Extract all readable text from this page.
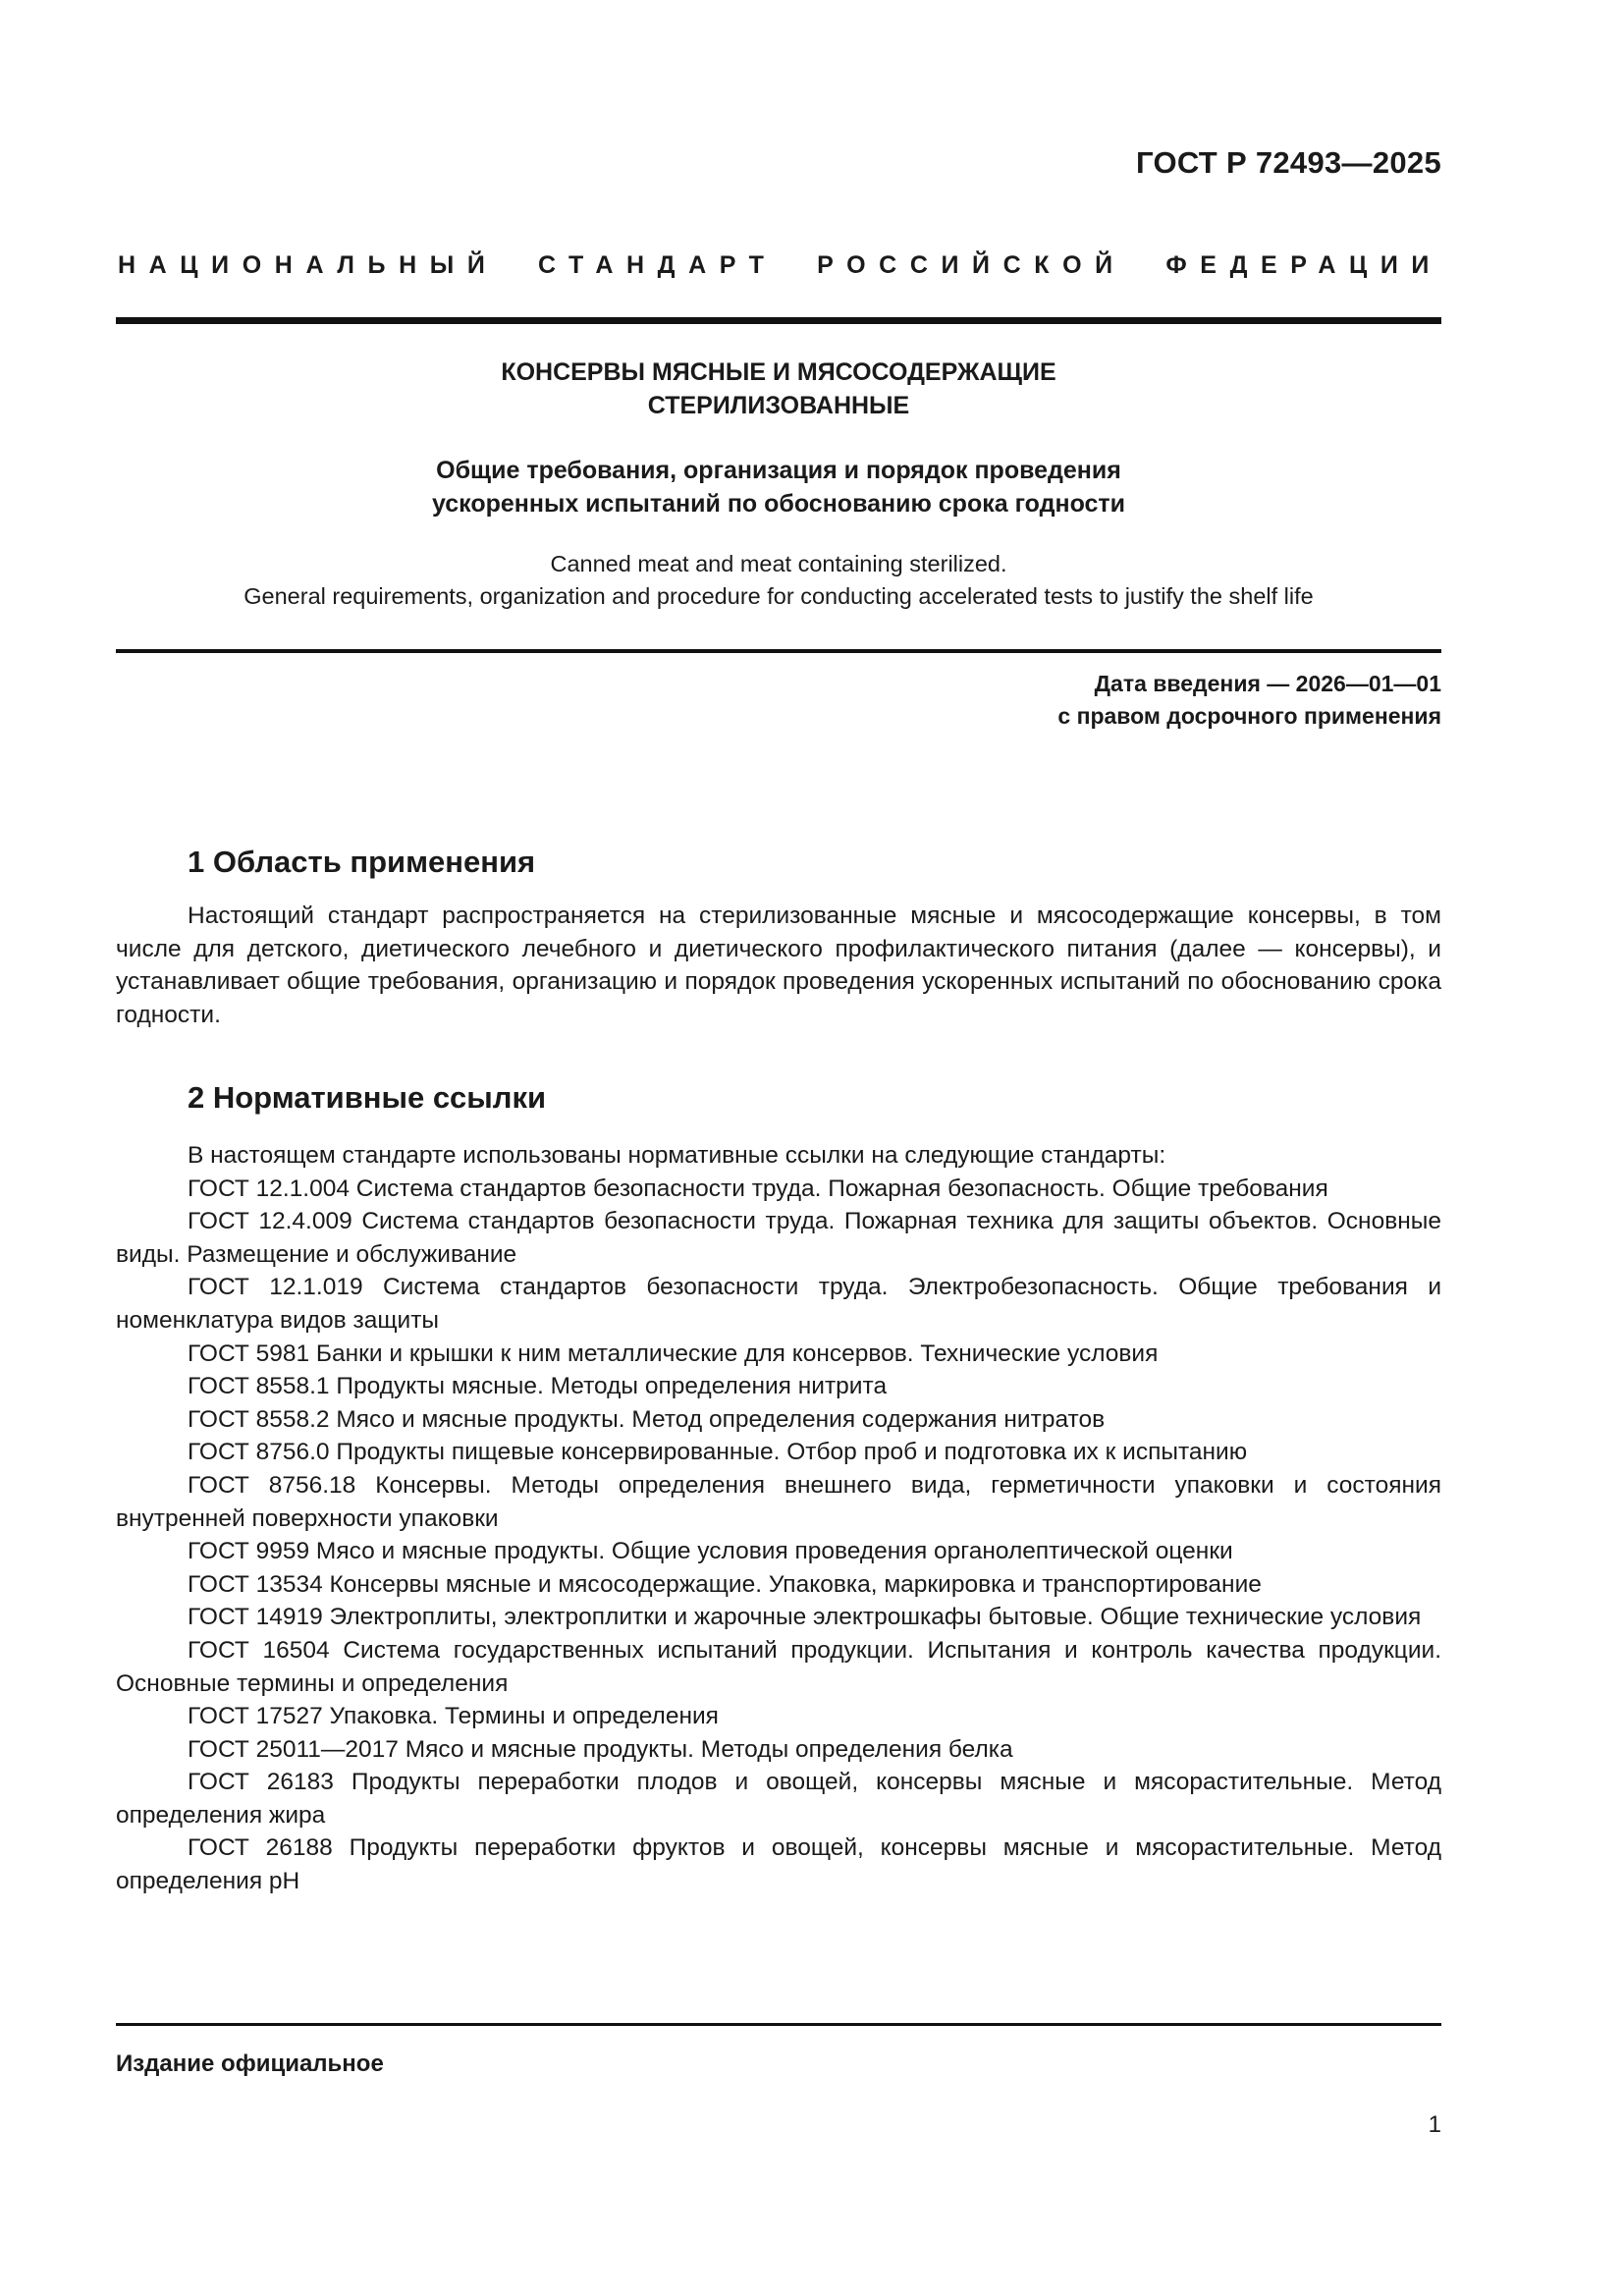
ГОСТ Р 72493—2025
НАЦИОНАЛЬНЫЙ СТАНДАРТ РОССИЙСКОЙ ФЕДЕРАЦИИ
КОНСЕРВЫ МЯСНЫЕ И МЯСОСОДЕРЖАЩИЕ
СТЕРИЛИЗОВАННЫЕ
Общие требования, организация и порядок проведения
ускоренных испытаний по обоснованию срока годности
Canned meat and meat containing sterilized.
General requirements, organization and procedure for conducting accelerated tests to justify the shelf life
Дата введения — 2026—01—01
с правом досрочного применения
1 Область применения

Настоящий стандарт распространяется на стерилизованные мясные и мясосодержащие консервы, в том числе для детского, диетического лечебного и диетического профилактического питания (далее — консервы), и устанавливает общие требования, организацию и порядок проведения ускоренных испытаний по обоснованию срока годности.

2 Нормативные ссылки

В настоящем стандарте использованы нормативные ссылки на следующие стандарты:

ГОСТ 12.1.004 Система стандартов безопасности труда. Пожарная безопасность. Общие требования

ГОСТ 12.4.009 Система стандартов безопасности труда. Пожарная техника для защиты объектов. Основные виды. Размещение и обслуживание

ГОСТ 12.1.019 Система стандартов безопасности труда. Электробезопасность. Общие требования и номенклатура видов защиты

ГОСТ 5981 Банки и крышки к ним металлические для консервов. Технические условия

ГОСТ 8558.1 Продукты мясные. Методы определения нитрита

ГОСТ 8558.2 Мясо и мясные продукты. Метод определения содержания нитратов

ГОСТ 8756.0 Продукты пищевые консервированные. Отбор проб и подготовка их к испытанию

ГОСТ 8756.18 Консервы. Методы определения внешнего вида, герметичности упаковки и состояния внутренней поверхности упаковки

ГОСТ 9959 Мясо и мясные продукты. Общие условия проведения органолептической оценки

ГОСТ 13534 Консервы мясные и мясосодержащие. Упаковка, маркировка и транспортирование

ГОСТ 14919 Электроплиты, электроплитки и жарочные электрошкафы бытовые. Общие технические условия

ГОСТ 16504 Система государственных испытаний продукции. Испытания и контроль качества продукции. Основные термины и определения

ГОСТ 17527 Упаковка. Термины и определения

ГОСТ 25011—2017 Мясо и мясные продукты. Методы определения белка

ГОСТ 26183 Продукты переработки плодов и овощей, консервы мясные и мясорастительные. Метод определения жира

ГОСТ 26188 Продукты переработки фруктов и овощей, консервы мясные и мясорастительные. Метод определения pH

Издание официальное
1
